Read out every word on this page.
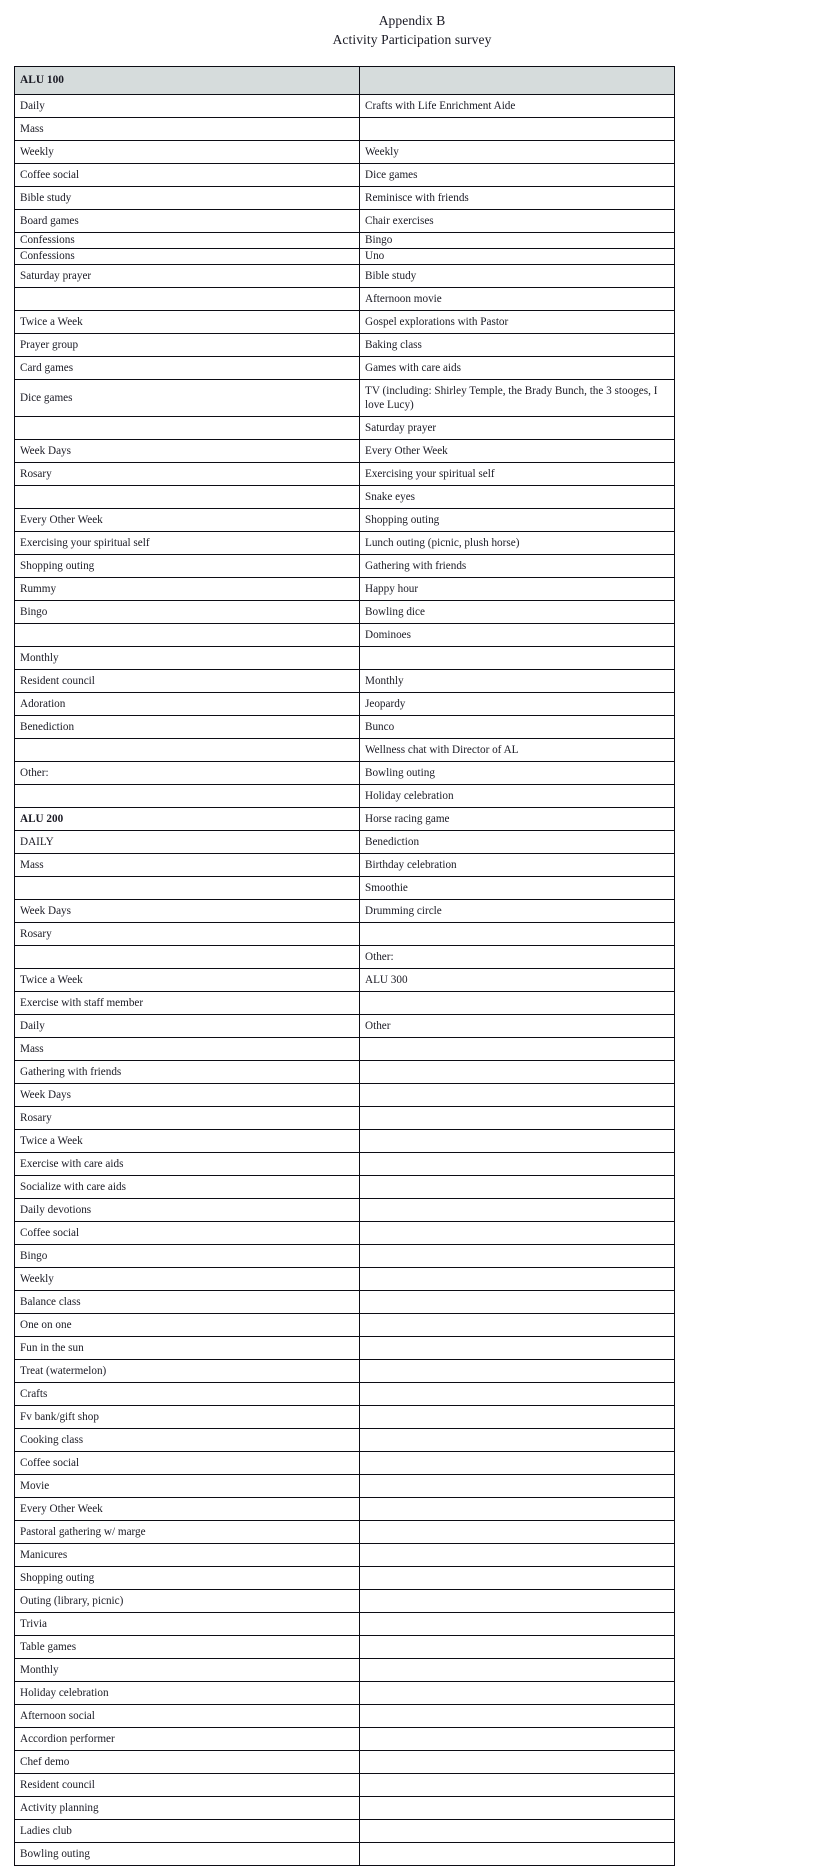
Appendix B
Activity Participation survey
ALU 100	
Daily	Crafts with Life Enrichment Aide
Mass	
Weekly	Weekly
Coffee social	Dice games
Bible study	Reminisce with friends
Board games	Chair exercises
Confessions	Bingo
Confessions	Uno
Saturday prayer	Bible study
	Afternoon movie
Twice a Week	Gospel explorations with Pastor
Prayer group	Baking class
Card games	Games with care aids
Dice games	TV (including: Shirley Temple, the Brady Bunch, the 3 stooges, I love Lucy)
	Saturday prayer
Week Days	Every Other Week
Rosary	Exercising your spiritual self
	Snake eyes
Every Other Week	Shopping outing
Exercising your spiritual self	Lunch outing (picnic, plush horse)
Shopping outing	Gathering with friends
Rummy	Happy hour
Bingo	Bowling dice
	Dominoes
Monthly	
Resident council	Monthly
Adoration	Jeopardy
Benediction	Bunco
	Wellness chat with Director of AL
Other:	Bowling outing
	Holiday celebration
ALU 200	Horse racing game
DAILY	Benediction
Mass	Birthday celebration
	Smoothie
Week Days	Drumming circle
Rosary	
	Other:
Twice a Week	ALU 300
Exercise with staff member	
Daily	Other
Mass	
Gathering with friends	
Week Days	
Rosary	
Twice a Week	
Exercise with care aids	
Socialize with care aids	
Daily devotions	
Coffee social	
Bingo	
Weekly	
Balance class	
One on one	
Fun in the sun	
Treat (watermelon)	
Crafts	
Fv bank/gift shop	
Cooking class	
Coffee social	
Movie	
Every Other Week	
Pastoral gathering w/ marge	
Manicures	
Shopping outing	
Outing (library, picnic)	
Trivia	
Table games	
Monthly	
Holiday celebration	
Afternoon social	
Accordion performer	
Chef demo	
Resident council	
Activity planning	
Ladies club	
Bowling outing	
